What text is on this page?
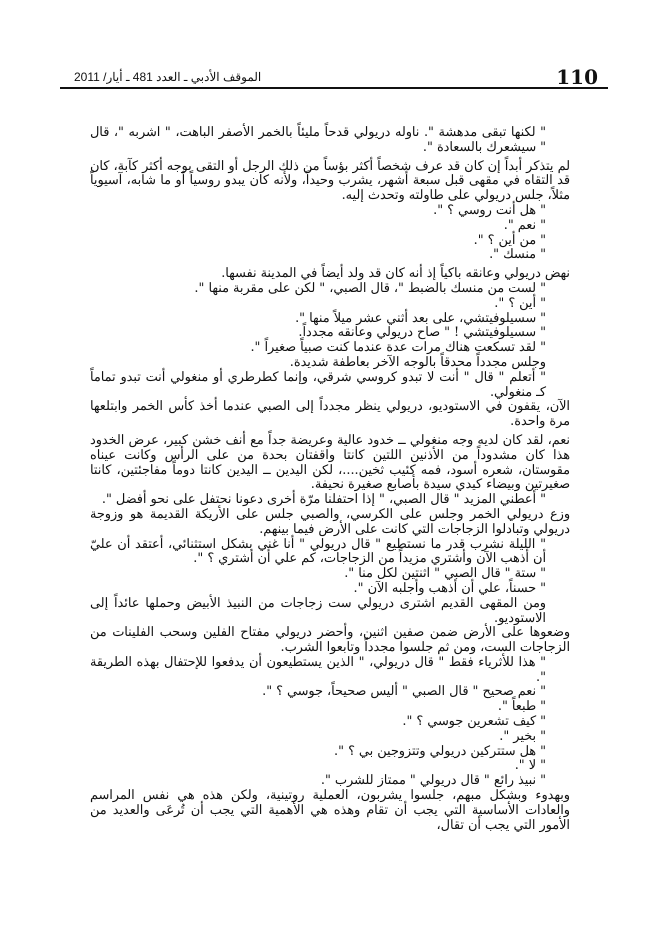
110
الموقف الأدبي ـ العدد 481 ـ أيار/ 2011

" لكنها تبقى مدهشة ". ناوله دريولي قدحاً مليئاً بالخمر الأصفر الباهت، " اشربه "، قال " سيشعرك بالسعادة ".

لم يتذكر أبداً إن كان قد عرف شخصاً أكثر بؤساً من ذلك الرجل أو التقى بوجه أكثر كآبة، كان قد التقاه في مقهى قبل سبعة أشهر، يشرب وحيداً، ولأنه كان يبدو روسياً أو ما شابه، آسيوياً مثلاً، جلس دريولي على طاولته وتحدث إليه.

" هل أنت روسي ؟ ".

" نعم ".

" من أين ؟ ".

" منسك ".

نهض دريولي وعانقه باكياً إذ أنه كان قد ولد أيضاً في المدينة نفسها.

" لست من منسك بالضبط "، قال الصبي، " لكن على مقربة منها ".

" أين ؟ ".

" سسيلوفيتشي، على بعد أثني عشر ميلاً منها ".

" سسيلوفيتشي ! " صاح دريولي وعانقه مجدداً.

" لقد تسكعت هناك مرات عدة عندما كنت صبياً صغيراً ".

وجلس مجدداً محدقاً بالوجه الآخر بعاطفة شديدة.

" أتعلم " قال " أنت لا تبدو كروسي شرقي، وإنما كطرطري أو منغولي أنت تبدو تماماً كـ منغولي.

الآن، يقفون في الاستوديو، دريولي ينظر مجدداً إلى الصبي عندما أخذ كأس الخمر وابتلعها مرة واحدة.

نعم، لقد كان لديه وجه منغولي ــ خدود عالية وعريضة جداً مع أنف خشن كبير، عرض الخدود هذا كان مشدوداً من الأذنين اللتين كانتا واقفتان بحدة من على الرأس وكانت عيناه مقوستان، شعره أسود، فمه كئيب ثخين....، لكن اليدين ــ اليدين كانتا دوماً مفاجئتين، كانتا صغيرتين وبيضاء كيدي سيدة بأصابع صغيرة نحيفة.

" أعطني المزيد " قال الصبي، " إذا احتفلنا مرّة أخرى دعونا نحتفل على نحو أفضل ".

وزع دريولي الخمر وجلس على الكرسي، والصبي جلس على الأريكة القديمة هو وزوجة دريولي وتبادلوا الزجاجات التي كانت على الأرض فيما بينهم.

" الليلة نشرب قدر ما نستطيع " قال دريولي " أنا غني بشكل استثنائي، أعتقد أن عليّ أن أذهب الآن وأشتري مزيداً من الزجاجات، كم علي أن أشتري ؟ ".

" ستة " قال الصبي " اثنتين لكل منا ".

" حسناً، علي أن أذهب وأجلبه الآن ".

ومن المقهى القديم اشترى دريولي ست زجاجات من النبيذ الأبيض وحملها عائداً إلى الاستوديو.

وضعوها على الأرض ضمن صفين اثنين، وأحضر دريولي مفتاح الفلين وسحب الفلينات من الزجاجات الست، ومن ثم جلسوا مجدداً وتابعوا الشرب.

" هذا للأثرياء فقط " قال دريولي، " الذين يستطيعون أن يدفعوا للإحتفال بهذه الطريقة ".

" نعم صحيح " قال الصبي " أليس صحيحاً، جوسي ؟ ".

" طبعاً ".

" كيف تشعرين جوسي ؟ ".

" بخير ".

" هل ستتركين دريولي وتتزوجين بي ؟ ".

" لا ".

" نبيذ رائع " قال دريولي " ممتاز للشرب ".

وبهدوء وبشكل مبهم، جلسوا يشربون، العملية روتينية، ولكن هذه هي نفس المراسم والعادات الأساسية التي يجب أن تقام وهذه هي الأهمية التي يجب أن تُرعَى والعديد من الأمور التي يجب أن تقال،
